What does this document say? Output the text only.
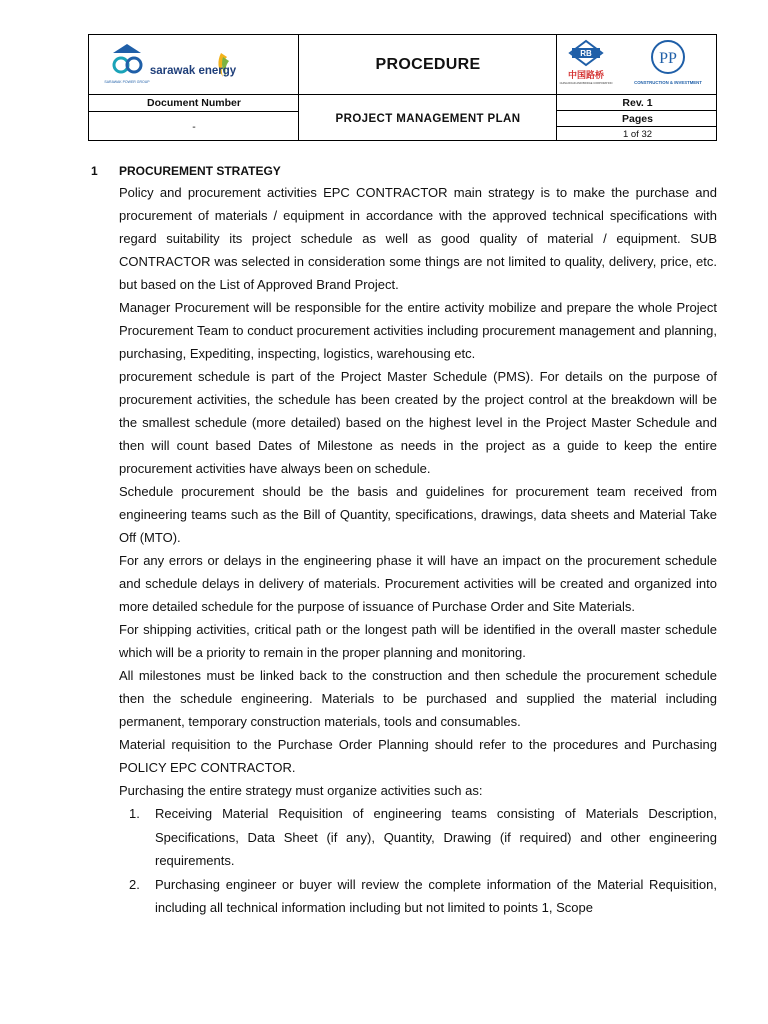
SARAWAK POWER GROUP
sarawak energy	PROCEDURE
RB
中国路桥
CHINA ROAD AND BRIDGE CORPORATION
PP
CONSTRUCTION & INVESTMENT
Document Number
-
PROJECT MANAGEMENT PLAN
Rev. 1
Pages
1 of 32
1 PROCUREMENT STRATEGY

Policy and procurement activities EPC CONTRACTOR main strategy is to make the purchase and procurement of materials / equipment in accordance with the approved technical specifications with regard suitability its project schedule as well as good quality of material / equipment. SUB CONTRACTOR was selected in consideration some things are not limited to quality, delivery, price, etc. but based on the List of Approved Brand Project.

Manager Procurement will be responsible for the entire activity mobilize and prepare the whole Project Procurement Team to conduct procurement activities including procurement management and planning, purchasing, Expediting, inspecting, logistics, warehousing etc.

procurement schedule is part of the Project Master Schedule (PMS). For details on the purpose of procurement activities, the schedule has been created by the project control at the breakdown will be the smallest schedule (more detailed) based on the highest level in the Project Master Schedule and then will count based Dates of Milestone as needs in the project as a guide to keep the entire procurement activities have always been on schedule.

Schedule procurement should be the basis and guidelines for procurement team received from engineering teams such as the Bill of Quantity, specifications, drawings, data sheets and Material Take Off (MTO).

For any errors or delays in the engineering phase it will have an impact on the procurement schedule and schedule delays in delivery of materials. Procurement activities will be created and organized into more detailed schedule for the purpose of issuance of Purchase Order and Site Materials.

For shipping activities, critical path or the longest path will be identified in the overall master schedule which will be a priority to remain in the proper planning and monitoring.

All milestones must be linked back to the construction and then schedule the procurement schedule then the schedule engineering. Materials to be purchased and supplied the material including permanent, temporary construction materials, tools and consumables.

Material requisition to the Purchase Order Planning should refer to the procedures and Purchasing POLICY EPC CONTRACTOR.

Purchasing the entire strategy must organize activities such as:

1. Receiving Material Requisition of engineering teams consisting of Materials Description, Specifications, Data Sheet (if any), Quantity, Drawing (if required) and other engineering requirements.
2. Purchasing engineer or buyer will review the complete information of the Material Requisition, including all technical information including but not limited to points 1, Scope
